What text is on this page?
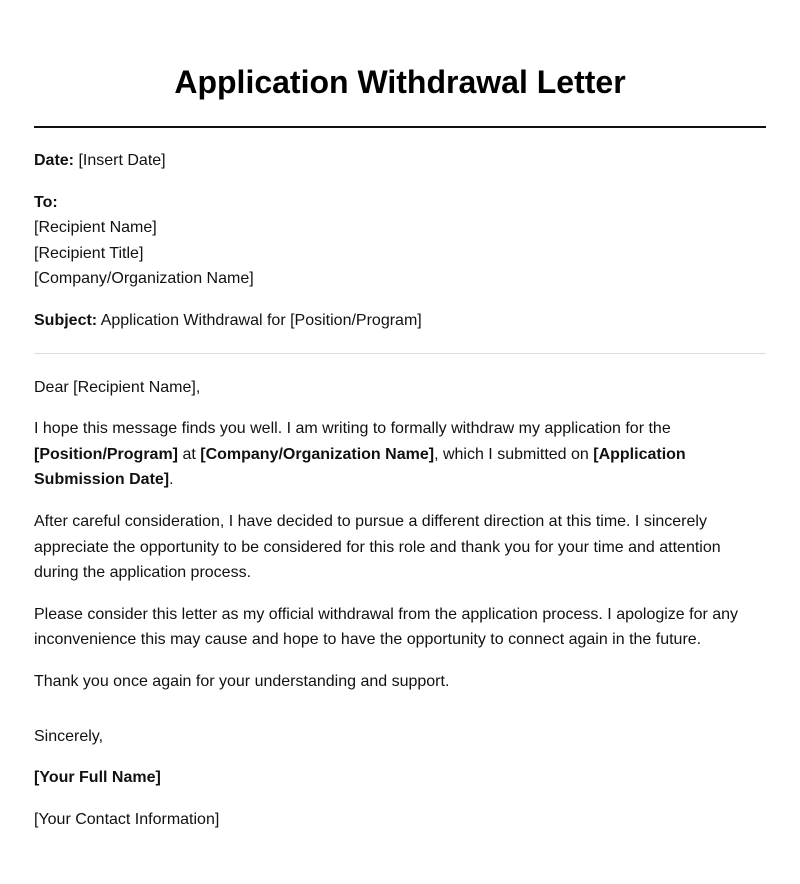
Application Withdrawal Letter

Date: [Insert Date]

To:
[Recipient Name]
[Recipient Title]
[Company/Organization Name]

Subject: Application Withdrawal for [Position/Program]

Dear [Recipient Name],

I hope this message finds you well. I am writing to formally withdraw my application for the [Position/Program] at [Company/Organization Name], which I submitted on [Application Submission Date].

After careful consideration, I have decided to pursue a different direction at this time. I sincerely appreciate the opportunity to be considered for this role and thank you for your time and attention during the application process.

Please consider this letter as my official withdrawal from the application process. I apologize for any inconvenience this may cause and hope to have the opportunity to connect again in the future.

Thank you once again for your understanding and support.

Sincerely,

[Your Full Name]

[Your Contact Information]
